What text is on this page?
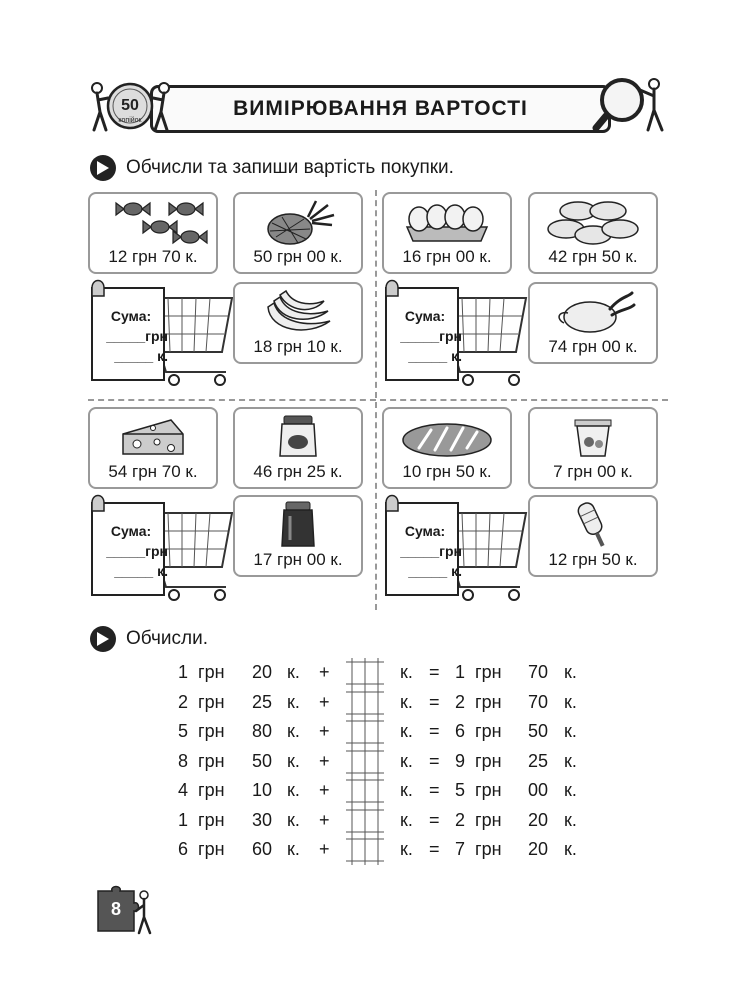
ВИМІРЮВАННЯ ВАРТОСТІ
50
копійок
Обчисли та запиши вартість покупки.
12 грн 70 к.	50 грн 00 к.	16 грн 00 к.	42 грн 50 к.
Сума:
_____грн
_____ к.	18 грн 10 к.
Сума:
_____грн
_____ к.	74 грн 00 к.
54 грн 70 к.	46 грн 25 к.	10 грн 50 к.	7 грн 00 к.
Сума:
_____грн
_____ к.
17 грн 00 к.
Сума:
_____грн
_____ к.
12 грн 50 к.
Обчисли.
1 грн 20 к. +	к. = 1 грн 70 к.
2 грн 25 к. +	к. = 2 грн 70 к.
5 грн 80 к. +	к. = 6 грн 50 к.
8 грн 50 к. +	к. = 9 грн 25 к.
4 грн 10 к. +	к. = 5 грн 00 к.
1 грн 30 к. +	к. = 2 грн 20 к.
6 грн 60 к. +	к. = 7 грн 20 к.
8
